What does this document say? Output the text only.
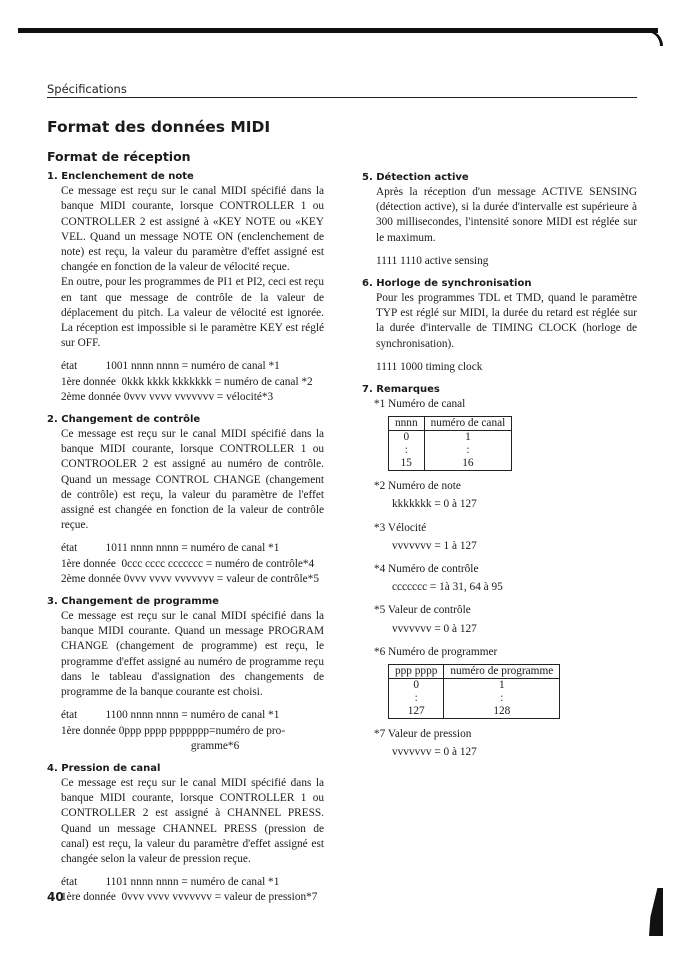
Spécifications
Format des données MIDI
Format de réception
1. Enclenchement de note

Ce message est reçu sur le canal MIDI spécifié dans la banque MIDI courante, lorsque CONTROLLER 1 ou CONTROLLER 2 est assigné à «KEY NOTE ou «KEY VEL. Quand un message NOTE ON (enclenchement de note) est reçu, la valeur du paramètre d'effet assigné est changée en fonction de la valeur de vélocité reçue.

En outre, pour les programmes de PI1 et PI2, ceci est reçu en tant que message de contrôle de la valeur de déplacement du pitch. La valeur de vélocité est ignorée. La réception est impossible si le paramètre KEY est réglé sur OFF.

état          1001 nnnn nnnn = numéro de canal *1
1ère donnée  0kkk kkkk kkkkkkk = numéro de canal *2
2ème donnée 0vvv vvvv vvvvvvv = vélocité*3
2. Changement de contrôle

Ce message est reçu sur le canal MIDI spécifié dans la banque MIDI courante, lorsque CONTROLLER 1 ou CONTROOLER 2 est assigné au numéro de contrôle. Quand un message CONTROL CHANGE (changement de contrôle) est reçu, la valeur du paramètre de l'effet assigné est changée en fonction de la valeur de contrôle reçue.

état          1011 nnnn nnnn = numéro de canal *1
1ère donnée  0ccc cccc ccccccc = numéro de contrôle*4
2ème donnée 0vvv vvvv vvvvvvv = valeur de contrôle*5
3. Changement de programme

Ce message est reçu sur le canal MIDI spécifié dans la banque MIDI courante. Quand un message PROGRAM CHANGE (changement de programme) est reçu, le programme d'effet assigné au numéro de programme reçu dans le tableau d'assignation des changements de programme de la banque courante est choisi.

état          1100 nnnn nnnn = numéro de canal *1
1ère donnée 0ppp pppp ppppppp=numéro de pro-
gramme*6
4. Pression de canal

Ce message est reçu sur le canal MIDI spécifié dans la banque MIDI courante, lorsque CONTROLLER 1 ou CONTROLLER 2 est assigné à CHANNEL PRESS. Quand un message CHANNEL PRESS (pression de canal) est reçu, la valeur du paramètre d'effet assigné est changée selon la valeur de pression reçue.

état          1101 nnnn nnnn = numéro de canal *1
1ère donnée  0vvv vvvv vvvvvvv = valeur de pression*7
5. Détection active

Après la réception d'un message ACTIVE SENSING (détection active), si la durée d'intervalle est supérieure à 300 millisecondes, l'intensité sonore MIDI est réglée sur le maximum.

1111 1110 active sensing
6. Horloge de synchronisation

Pour les programmes TDL et TMD, quand le paramètre TYP est réglé sur MIDI, la durée du retard est réglée sur la durée d'intervalle de TIMING CLOCK (horloge de synchronisation).

1111 1000 timing clock
7. Remarques
*1 Numéro de canal
nnnn	numéro de canal
0	1
:	:
15	16
*2 Numéro de note
kkkkkkk = 0 à 127
*3 Vélocité
vvvvvvv = 1 à 127
*4 Numéro de contrôle
ccccccc = 1à 31, 64 à 95
*5 Valeur de contrôle
vvvvvvv = 0 à 127
*6 Numéro de programmer
ppp pppp	numéro de programme
0	1
:	:
127	128
*7 Valeur de pression
vvvvvvv = 0 à 127
40
